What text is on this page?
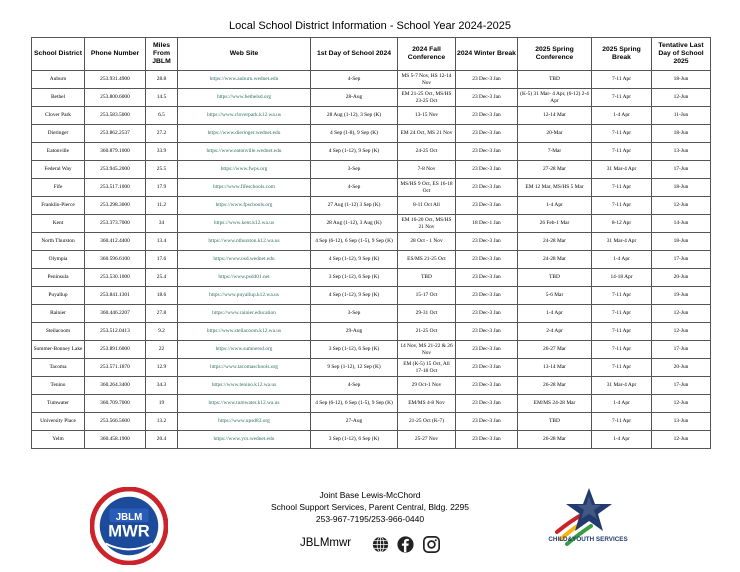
Local School District Information - School Year 2024-2025
School District	Phone Number	Miles From JBLM	Web Site	1st Day of School 2024	2024 Fall Conference	2024 Winter Break	2025 Spring Conference	2025 Spring Break	Tentative Last Day of School 2025
Auburn	253.931.4900	28.8	https://www.auburn.wednet.edu	4-Sep	MS 5-7 Nov, HS 12-14 Nov	23 Dec-3 Jan	TBD	7-11 Apr	18-Jun
Bethel	253.800.6000	14.5	https://www.bethelsd.org	28-Aug	EM 21-25 Oct, MS/HS 23-25 Oct	23 Dec-3 Jan	(K-5) 31 Mar- 4 Apr, (6-12) 2-4 Apr	7-11 Apr	12-Jun
Clover Park	253.583.5000	6.5	https://www.cloverpark.k12.wa.us	28 Aug (1-12), 3 Sep (K)	13-15 Nov	23 Dec-3 Jan	12-14 Mar	1-4 Apr	11-Jun
Dieringer	253.862.2537	27.2	https://www.dieringer.wednet.edu	4 Sep (1-8), 9 Sep (K)	EM 24 Oct, MS 21 Nov	23 Dec-3 Jan	20-Mar	7-11 Apr	18-Jun
Eatonville	360.879.1000	33.9	https://www.eatonville.wednet.edu	4 Sep (1-12), 9 Sep (K)	24-25 Oct	23 Dec-3 Jan	7-Mar	7-11 Apr	13-Jun
Federal Way	253.945.2000	25.5	https://www.fwps.org	3-Sep	7-8 Nov	23 Dec-3 Jan	27-28 Mar	31 Mar-4 Apr	17-Jun
Fife	253.517.1000	17.9	https://www.fifeschools.com	4-Sep	MS/HS 9 Oct, ES 16-18 Oct	23 Dec-3 Jan	EM 12 Mar, MS/HS 5 Mar	7-11 Apr	18-Jun
Franklin-Pierce	253.298.3000	11.2	https://www.fpschools.org	27 Aug (1-12) 3 Sep (K)	8-11 Oct All	23 Dec-3 Jan	1-4 Apr	7-11 Apr	12-Jun
Kent	253.373.7000	34	https://www.kent.k12.wa.us	28 Aug (1-12), 3 Aug (K)	EM 16-20 Oct, MS/HS 21 Nov	18 Dec-1 Jan	26 Feb-1 Mar	8-12 Apr	14-Jun
North Thurston	360.412.4400	13.4	https://www.nthurston.k12.wa.us	4 Sep (6-12), 6 Sep (1-5), 9 Sep (K)	28 Oct - 1 Nov	23 Dec-3 Jan	24-28 Mar	31 Mar-4 Apr	18-Jun
Olympia	360.596.6100	17.6	https://www.osd.wednet.edu	4 Sep (1-12), 9 Sep (K)	ES/MS 21-25 Oct	23 Dec-3 Jan	24-28 Mar	1-4 Apr	17-Jun
Peninsula	253.530.1000	25.4	https://www.psd401.net	3 Sep (1-12), 6 Sep (K)	TBD	23 Dec-3 Jan	TBD	14-18 Apr	20-Jun
Puyallup	253.841.1301	18.6	https://www.puyallup.k12.wa.us	4 Sep (1-12), 9 Sep (K)	15-17 Oct	23 Dec-3 Jan	5-6 Mar	7-11 Apr	19-Jun
Rainier	360.446.2207	27.8	https://www.rainier.education	3-Sep	29-31 Oct	23 Dec-3 Jan	1-4 Apr	7-11 Apr	12-Jun
Steilacoom	253.512.0413	9.2	https://www.steilacoom.k12.wa.us	29-Aug	21-25 Oct	23 Dec-3 Jan	2-4 Apr	7-11 Apr	12-Jun
Summer-Bonney Lake	253.891.6000	22	https://www.sumnersd.org	3 Sep (1-12), 6 Sep (K)	14 Nov, MS 21-22 & 26 Nov	23 Dec-3 Jan	26-27 Mar	7-11 Apr	17-Jun
Tacoma	253.571.1870	12.9	https://www.tacomaschools.org	9 Sep (1-12), 12 Sep (K)	EM (K-5) 15 Oct, All 17-18 Oct	23 Dec-3 Jan	13-14 Mar	7-11 Apr	20-Jun
Tenino	360.264.3400	34.3	https://www.tenino.k12.wa.us	4-Sep	29 Oct-1 Nov	23 Dec-3 Jan	26-28 Mar	31 Mar-4 Apr	17-Jun
Tumwater	360.709.7000	19	https://www.tumwater.k12.wa.us	4 Sep (6-12), 6 Sep (1-5), 9 Sep (K)	EM/MS 4-8 Nov	23 Dec-3 Jan	EM/MS 24-28 Mar	1-4 Apr	12-Jun
University Place	253.566.5600	13.2	https://www.upsd83.org	27-Aug	21-25 Oct (K-7)	23 Dec-3 Jan	TBD	7-11 Apr	13-Jun
Yelm	360.458.1900	20.4	https://www.ycs.wednet.edu	3 Sep (1-12), 6 Sep (K)	25-27 Nov	23 Dec-3 Jan	26-28 Mar	1-4 Apr	12-Jun
JBLM
MWR
Joint Base Lewis-McChord
School Support Services, Parent Central, Bldg. 2295
253-967-7195/253-966-0440
JBLMmwr	CHILD&YOUTH SERVICES
